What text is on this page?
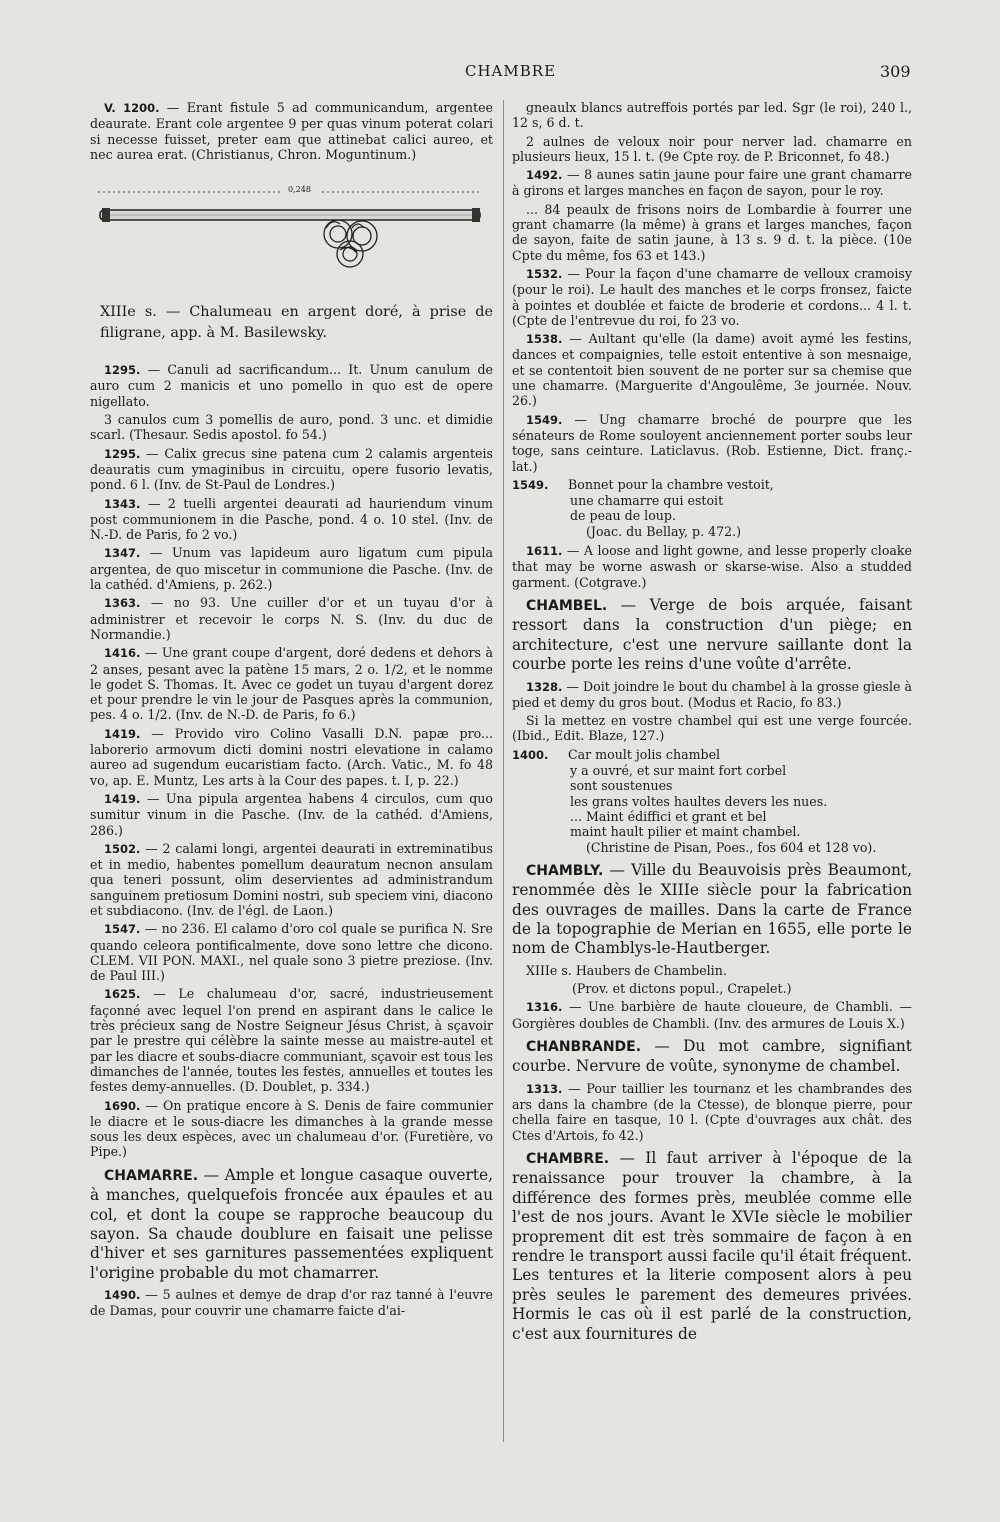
CHAMBRE	309

V. 1200. — Erant fistule 5 ad communicandum, argentee deaurate. Erant cole argentee 9 per quas vinum poterat colari si necesse fuisset, preter eam que attinebat calici aureo, et nec aurea erat. (Christianus, Chron. Moguntinum.)

0,248

XIIIe s. — Chalumeau en argent doré, à prise de filigrane, app. à M. Basilewsky.

1295. — Canuli ad sacrificandum... It. Unum canulum de auro cum 2 manicis et uno pomello in quo est de opere nigellato.

3 canulos cum 3 pomellis de auro, pond. 3 unc. et dimidie scarl. (Thesaur. Sedis apostol. fo 54.)

1295. — Calix grecus sine patena cum 2 calamis argenteis deauratis cum ymaginibus in circuitu, opere fusorio levatis, pond. 6 l. (Inv. de St-Paul de Londres.)

1343. — 2 tuelli argentei deaurati ad hauriendum vinum post communionem in die Pasche, pond. 4 o. 10 stel. (Inv. de N.-D. de Paris, fo 2 vo.)

1347. — Unum vas lapideum auro ligatum cum pipula argentea, de quo miscetur in communione die Pasche. (Inv. de la cathéd. d'Amiens, p. 262.)

1363. — no 93. Une cuiller d'or et un tuyau d'or à administrer et recevoir le corps N. S. (Inv. du duc de Normandie.)

1416. — Une grant coupe d'argent, doré dedens et dehors à 2 anses, pesant avec la patène 15 mars, 2 o. 1/2, et le nomme le godet S. Thomas. It. Avec ce godet un tuyau d'argent dorez et pour prendre le vin le jour de Pasques après la communion, pes. 4 o. 1/2. (Inv. de N.-D. de Paris, fo 6.)

1419. — Provido viro Colino Vasalli D.N. papæ pro... laborerio armovum dicti domini nostri elevatione in calamo aureo ad sugendum eucaristiam facto. (Arch. Vatic., M. fo 48 vo, ap. E. Muntz, Les arts à la Cour des papes. t. I, p. 22.)

1419. — Una pipula argentea habens 4 circulos, cum quo sumitur vinum in die Pasche. (Inv. de la cathéd. d'Amiens, 286.)

1502. — 2 calami longi, argentei deaurati in extreminatibus et in medio, habentes pomellum deauratum necnon ansulam qua teneri possunt, olim deservientes ad administrandum sanguinem pretiosum Domini nostri, sub speciem vini, diacono et subdiacono. (Inv. de l'égl. de Laon.)

1547. — no 236. El calamo d'oro col quale se purifica N. Sre quando celeora pontificalmente, dove sono lettre che dicono. CLEM. VII PON. MAXI., nel quale sono 3 pietre preziose. (Inv. de Paul III.)

1625. — Le chalumeau d'or, sacré, industrieusement façonné avec lequel l'on prend en aspirant dans le calice le très précieux sang de Nostre Seigneur Jésus Christ, à sçavoir par le prestre qui célèbre la sainte messe au maistre-autel et par les diacre et soubs-diacre communiant, sçavoir est tous les dimanches de l'année, toutes les festes, annuelles et toutes les festes demy-annuelles. (D. Doublet, p. 334.)

1690. — On pratique encore à S. Denis de faire communier le diacre et le sous-diacre les dimanches à la grande messe sous les deux espèces, avec un chalumeau d'or. (Furetière, vo Pipe.)

CHAMARRE. — Ample et longue casaque ouverte, à manches, quelquefois froncée aux épaules et au col, et dont la coupe se rapproche beaucoup du sayon. Sa chaude doublure en faisait une pelisse d'hiver et ses garnitures passementées expliquent l'origine probable du mot chamarrer.

1490. — 5 aulnes et demye de drap d'or raz tanné à l'euvre de Damas, pour couvrir une chamarre faicte d'ai-

gneaulx blancs autreffois portés par led. Sgr (le roi), 240 l., 12 s, 6 d. t.

2 aulnes de veloux noir pour nerver lad. chamarre en plusieurs lieux, 15 l. t. (9e Cpte roy. de P. Briconnet, fo 48.)

1492. — 8 aunes satin jaune pour faire une grant chamarre à girons et larges manches en façon de sayon, pour le roy.

... 84 peaulx de frisons noirs de Lombardie à fourrer une grant chamarre (la même) à grans et larges manches, façon de sayon, faite de satin jaune, à 13 s. 9 d. t. la pièce. (10e Cpte du même, fos 63 et 143.)

1532. — Pour la façon d'une chamarre de velloux cramoisy (pour le roi). Le hault des manches et le corps fronsez, faicte à pointes et doublée et faicte de broderie et cordons... 4 l. t. (Cpte de l'entrevue du roi, fo 23 vo.

1538. — Aultant qu'elle (la dame) avoit aymé les festins, dances et compaignies, telle estoit ententive à son mesnaige, et se contentoit bien souvent de ne porter sur sa chemise que une chamarre. (Marguerite d'Angoulême, 3e journée. Nouv. 26.)

1549. — Ung chamarre broché de pourpre que les sénateurs de Rome souloyent anciennement porter soubs leur toge, sans ceinture. Laticlavus. (Rob. Estienne, Dict. franç.-lat.)

1549. Bonnet pour la chambre vestoit,
une chamarre qui estoit
de peau de loup.
(Joac. du Bellay, p. 472.)

1611. — A loose and light gowne, and lesse properly cloake that may be worne aswash or skarse-wise. Also a studded garment. (Cotgrave.)

CHAMBEL. — Verge de bois arquée, faisant ressort dans la construction d'un piège; en architecture, c'est une nervure saillante dont la courbe porte les reins d'une voûte d'arrête.

1328. — Doit joindre le bout du chambel à la grosse giesle à pied et demy du gros bout. (Modus et Racio, fo 83.)

Si la mettez en vostre chambel qui est une verge fourcée. (Ibid., Edit. Blaze, 127.)

1400. Car moult jolis chambel
y a ouvré, et sur maint fort corbel
sont soustenues
les grans voltes haultes devers les nues.
... Maint édiffici et grant et bel
maint hault pilier et maint chambel.
(Christine de Pisan, Poes., fos 604 et 128 vo).

CHAMBLY. — Ville du Beauvoisis près Beaumont, renommée dès le XIIIe siècle pour la fabrication des ouvrages de mailles. Dans la carte de France de la topographie de Merian en 1655, elle porte le nom de Chamblys-le-Hautberger.

XIIIe s. Haubers de Chambelin.

(Prov. et dictons popul., Crapelet.)

1316. — Une barbière de haute cloueure, de Chambli. — Gorgières doubles de Chambli. (Inv. des armures de Louis X.)

CHANBRANDE. — Du mot cambre, signifiant courbe. Nervure de voûte, synonyme de chambel.

1313. — Pour taillier les tournanz et les chambrandes des ars dans la chambre (de la Ctesse), de blonque pierre, pour chella faire en tasque, 10 l. (Cpte d'ouvrages aux chât. des Ctes d'Artois, fo 42.)

CHAMBRE. — Il faut arriver à l'époque de la renaissance pour trouver la chambre, à la différence des formes près, meublée comme elle l'est de nos jours. Avant le XVIe siècle le mobilier proprement dit est très sommaire de façon à en rendre le transport aussi facile qu'il était fréquent. Les tentures et la literie composent alors à peu près seules le parement des demeures privées. Hormis le cas où il est parlé de la construction, c'est aux fournitures de
